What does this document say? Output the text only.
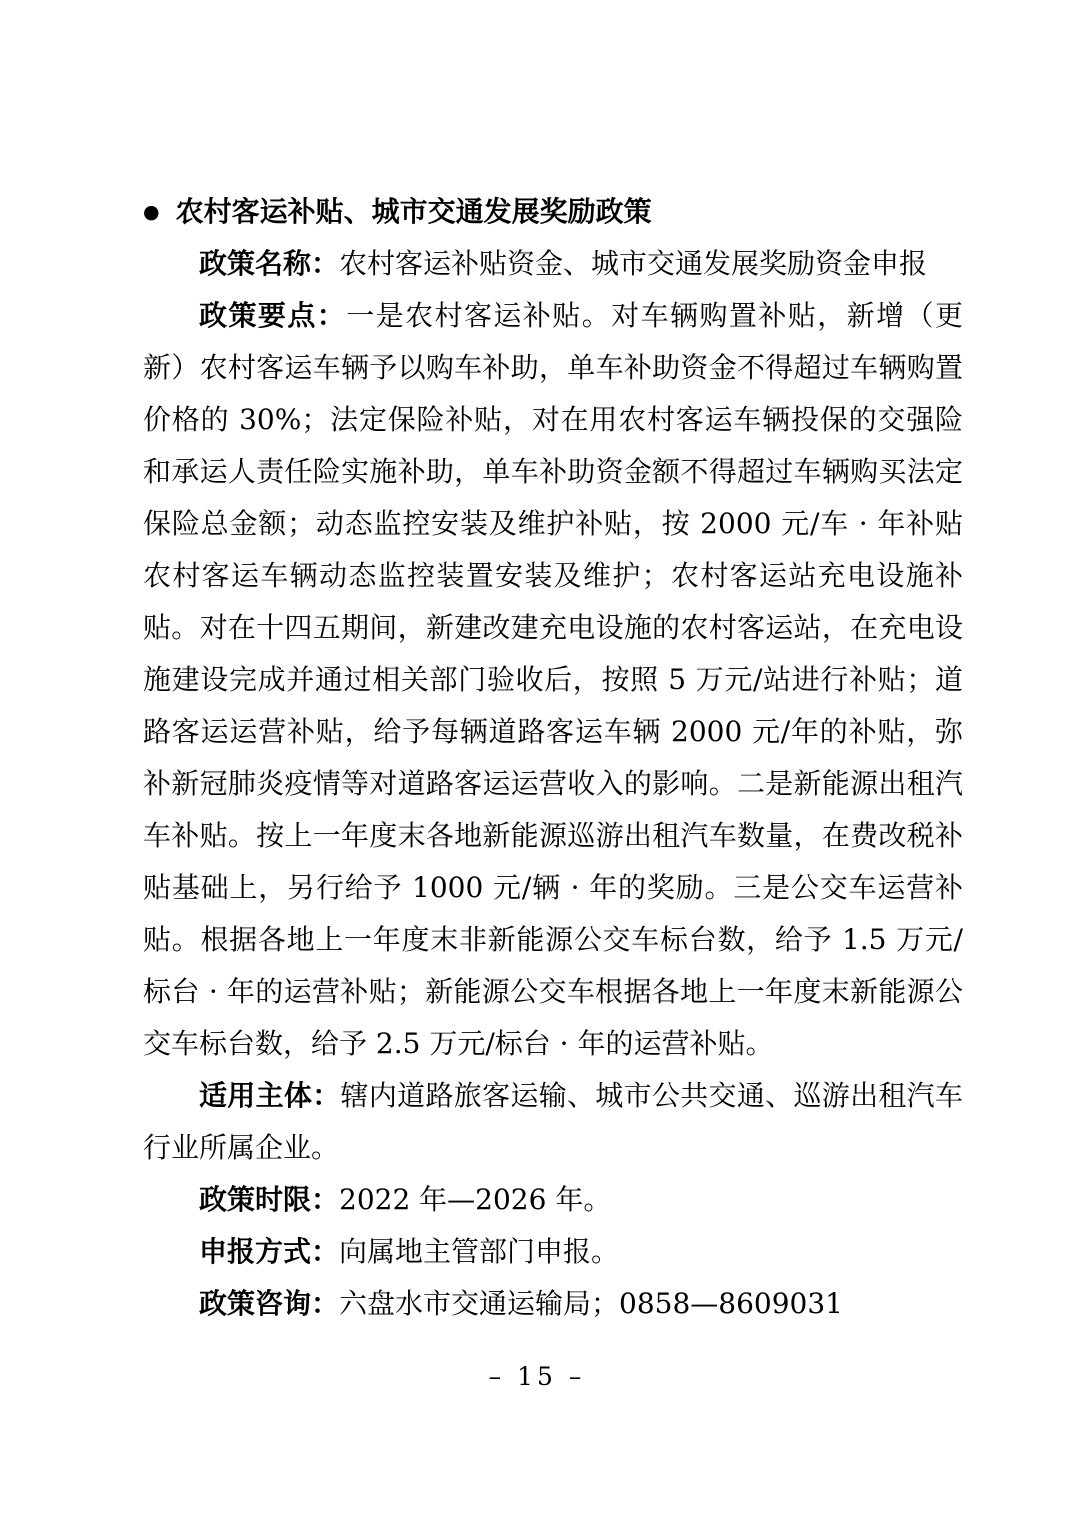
● 农村客运补贴、城市交通发展奖励政策

政策名称：农村客运补贴资金、城市交通发展奖励资金申报

政策要点：一是农村客运补贴。对车辆购置补贴，新增（更新）农村客运车辆予以购车补助，单车补助资金不得超过车辆购置价格的 30%；法定保险补贴，对在用农村客运车辆投保的交强险和承运人责任险实施补助，单车补助资金额不得超过车辆购买法定保险总金额；动态监控安装及维护补贴，按 2000 元/车 · 年补贴农村客运车辆动态监控装置安装及维护；农村客运站充电设施补贴。对在十四五期间，新建改建充电设施的农村客运站，在充电设施建设完成并通过相关部门验收后，按照 5 万元/站进行补贴；道路客运运营补贴，给予每辆道路客运车辆 2000 元/年的补贴，弥补新冠肺炎疫情等对道路客运运营收入的影响。二是新能源出租汽车补贴。按上一年度末各地新能源巡游出租汽车数量，在费改税补贴基础上，另行给予 1000 元/辆 · 年的奖励。三是公交车运营补贴。根据各地上一年度末非新能源公交车标台数，给予 1.5 万元/标台 · 年的运营补贴；新能源公交车根据各地上一年度末新能源公交车标台数，给予 2.5 万元/标台 · 年的运营补贴。

适用主体：辖内道路旅客运输、城市公共交通、巡游出租汽车行业所属企业。

政策时限：2022 年—2026 年。

申报方式：向属地主管部门申报。

政策咨询：六盘水市交通运输局；0858—8609031

– 15 –
